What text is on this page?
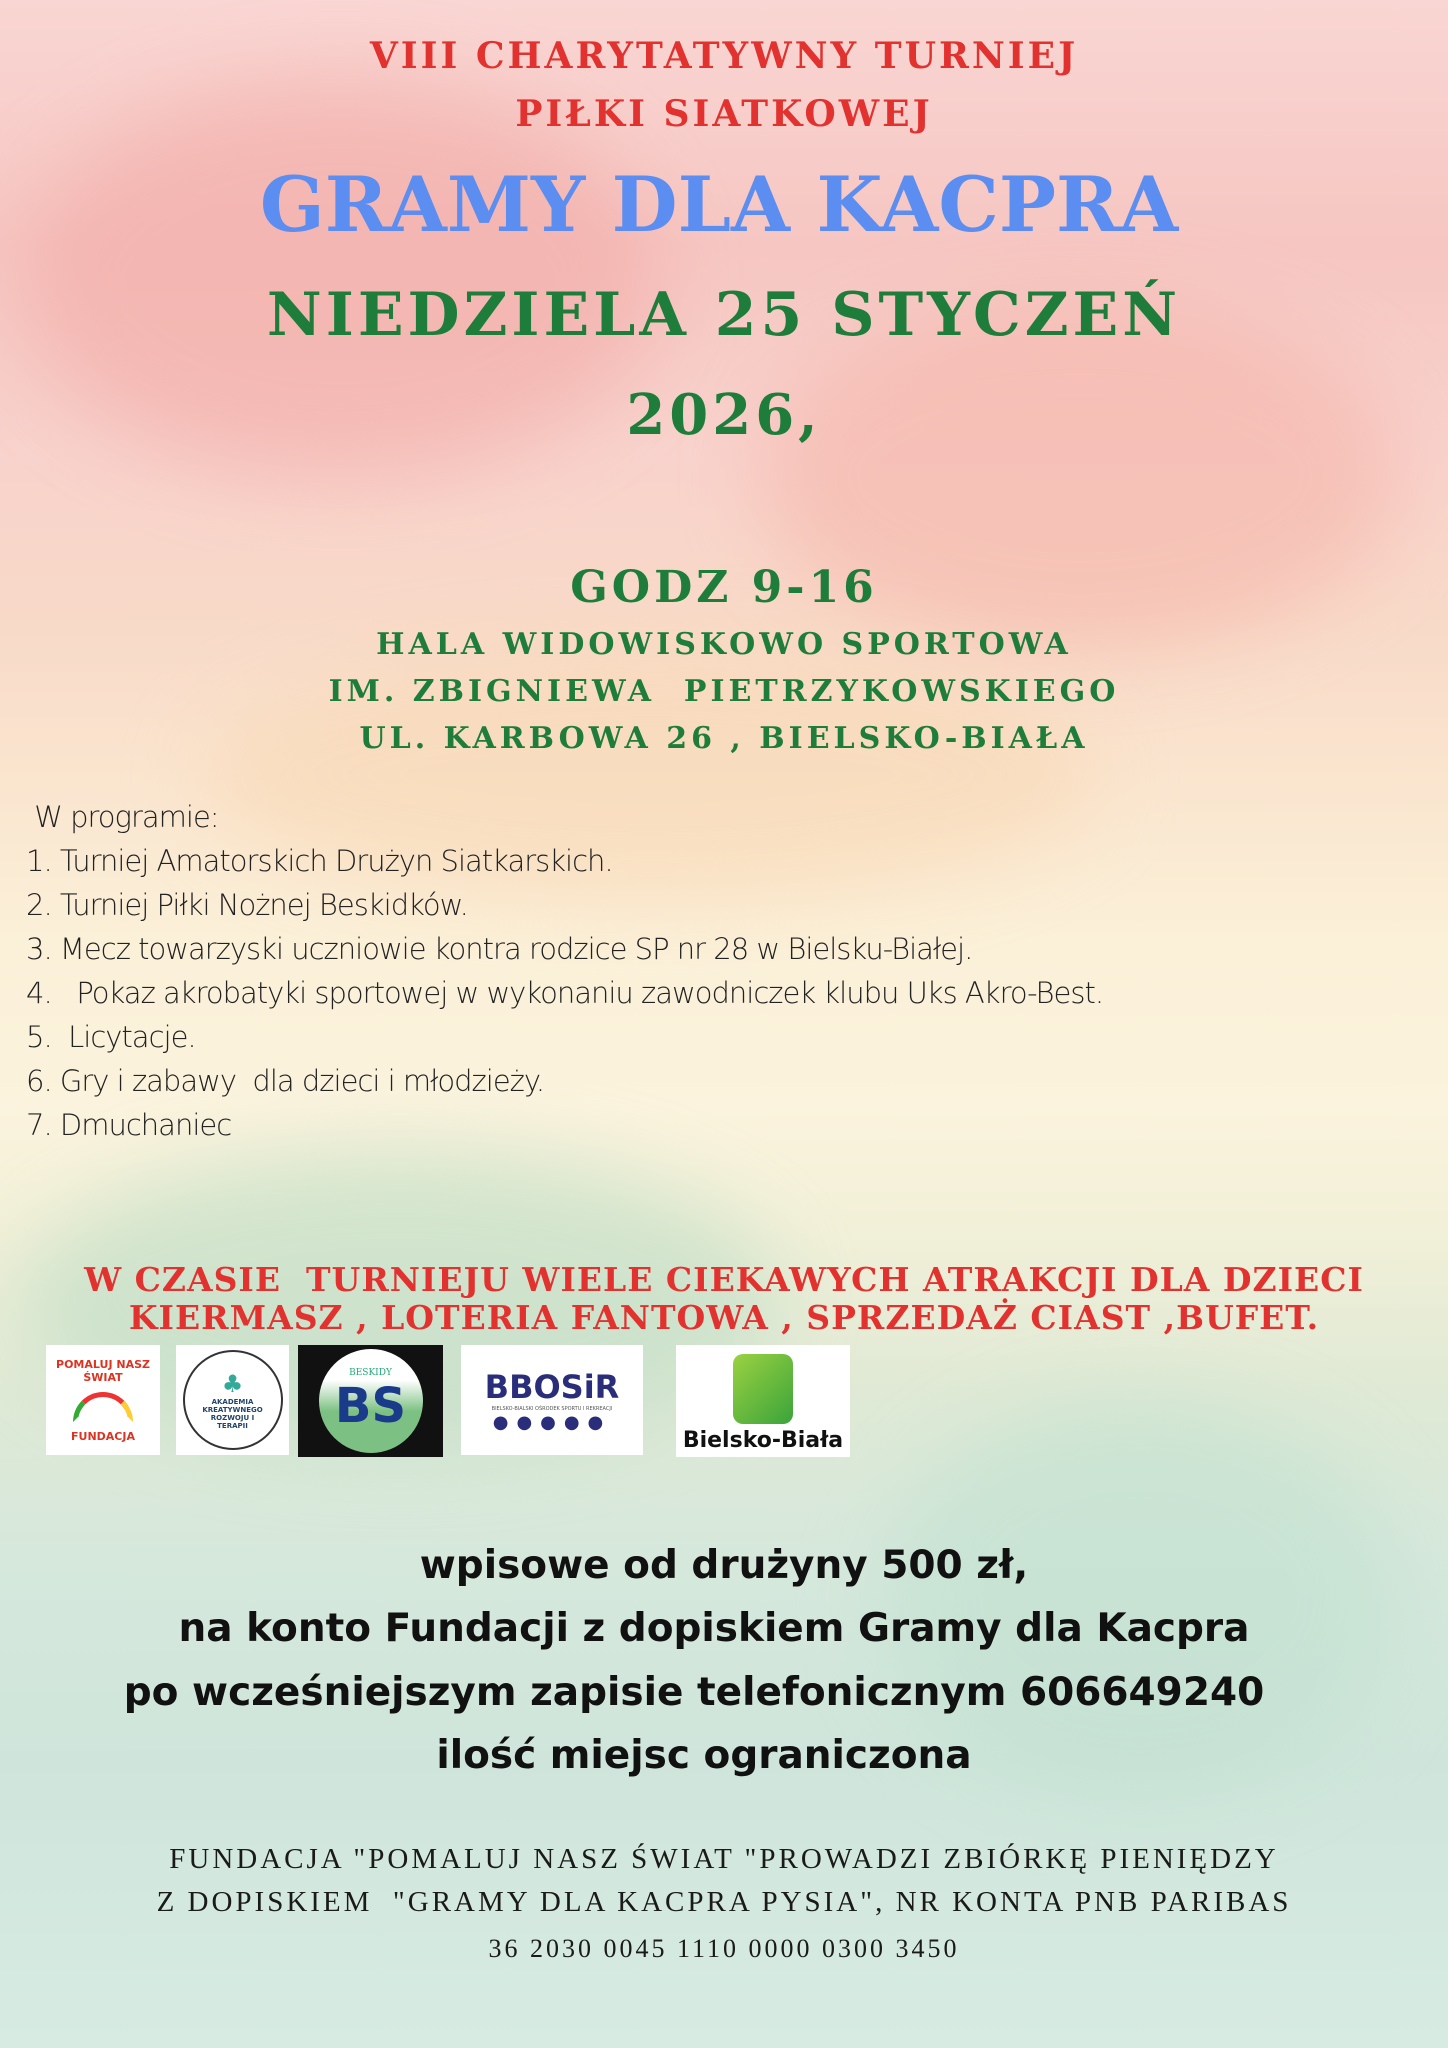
VIII CHARYTATYWNY TURNIEJ
PIŁKI SIATKOWEJ
GRAMY DLA KACPRA
NIEDZIELA 25 STYCZEŃ
2026,
GODZ 9-16
HALA WIDOWISKOWO SPORTOWA
IM. ZBIGNIEWA  PIETRZYKOWSKIEGO
UL. KARBOWA 26 , BIELSKO-BIAŁA
W programie:
1. Turniej Amatorskich Drużyn Siatkarskich.
2. Turniej Piłki Nożnej Beskidków.
3. Mecz towarzyski uczniowie kontra rodzice SP nr 28 w Bielsku-Białej.
4.   Pokaz akrobatyki sportowej w wykonaniu zawodniczek klubu Uks Akro-Best.
5.  Licytacje.
6. Gry i zabawy  dla dzieci i młodzieży.
7. Dmuchaniec
W CZASIE  TURNIEJU WIELE CIEKAWYCH ATRAKCJI DLA DZIECI
KIERMASZ , LOTERIA FANTOWA , SPRZEDAŻ CIAST ,BUFET.
POMALUJ NASZ ŚWIAT
FUNDACJA
♣
AKADEMIA KREATYWNEGO ROZWOJU I TERAPII
BESKIDY
BS BBOSiR
BIELSKO-BIALSKI OŚRODEK SPORTU I REKREACJI
●●●●●
Bielsko-Biała
wpisowe od drużyny 500 zł,
na konto Fundacji z dopiskiem Gramy dla Kacpra
po wcześniejszym zapisie telefonicznym 606649240
ilość miejsc ograniczona
FUNDACJA "POMALUJ NASZ ŚWIAT "PROWADZI ZBIÓRKĘ PIENIĘDZY
Z DOPISKIEM  "GRAMY DLA KACPRA PYSIA", NR KONTA PNB PARIBAS
36 2030 0045 1110 0000 0300 3450
